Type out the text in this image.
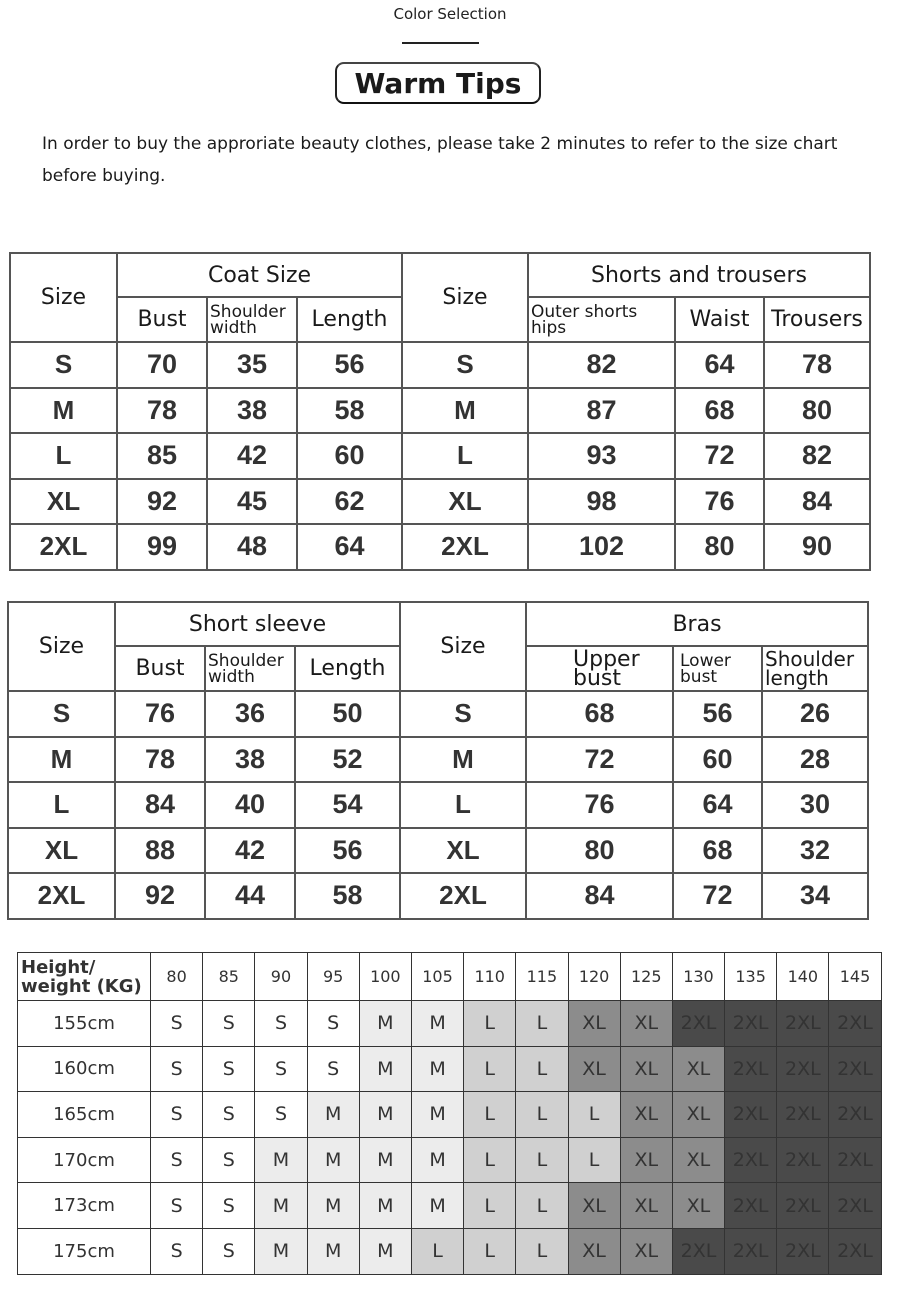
Color Selection
Warm Tips
In order to buy the approriate beauty clothes, please take 2 minutes to refer to the size chart before buying.
Size	Coat Size			Size	Shorts and trousers		
	Bust	Shoulder width	Length		Outer shorts hips	Waist	Trousers
S	70	35	56	S	82	64	78
M	78	38	58	M	87	68	80
L	85	42	60	L	93	72	82
XL	92	45	62	XL	98	76	84
2XL	99	48	64	2XL	102	80	90
Size	Short sleeve			Size	Bras		
	Bust	Shoulder width	Length		Upper bust	Lower bust	Shoulder length
S	76	36	50	S	68	56	26
M	78	38	52	M	72	60	28
L	84	40	54	L	76	64	30
XL	88	42	56	XL	80	68	32
2XL	92	44	58	2XL	84	72	34
Height/ weight (KG)	80	85	90	95	100	105	110	115	120	125	130	135	140	145
155cm	S	S	S	S	M	M	L	L	XL	XL	2XL	2XL	2XL	2XL
160cm	S	S	S	S	M	M	L	L	XL	XL	XL	2XL	2XL	2XL
165cm	S	S	S	M	M	M	L	L	L	XL	XL	2XL	2XL	2XL
170cm	S	S	M	M	M	M	L	L	L	XL	XL	2XL	2XL	2XL
173cm	S	S	M	M	M	M	L	L	XL	XL	XL	2XL	2XL	2XL
175cm	S	S	M	M	M	L	L	L	XL	XL	2XL	2XL	2XL	2XL
